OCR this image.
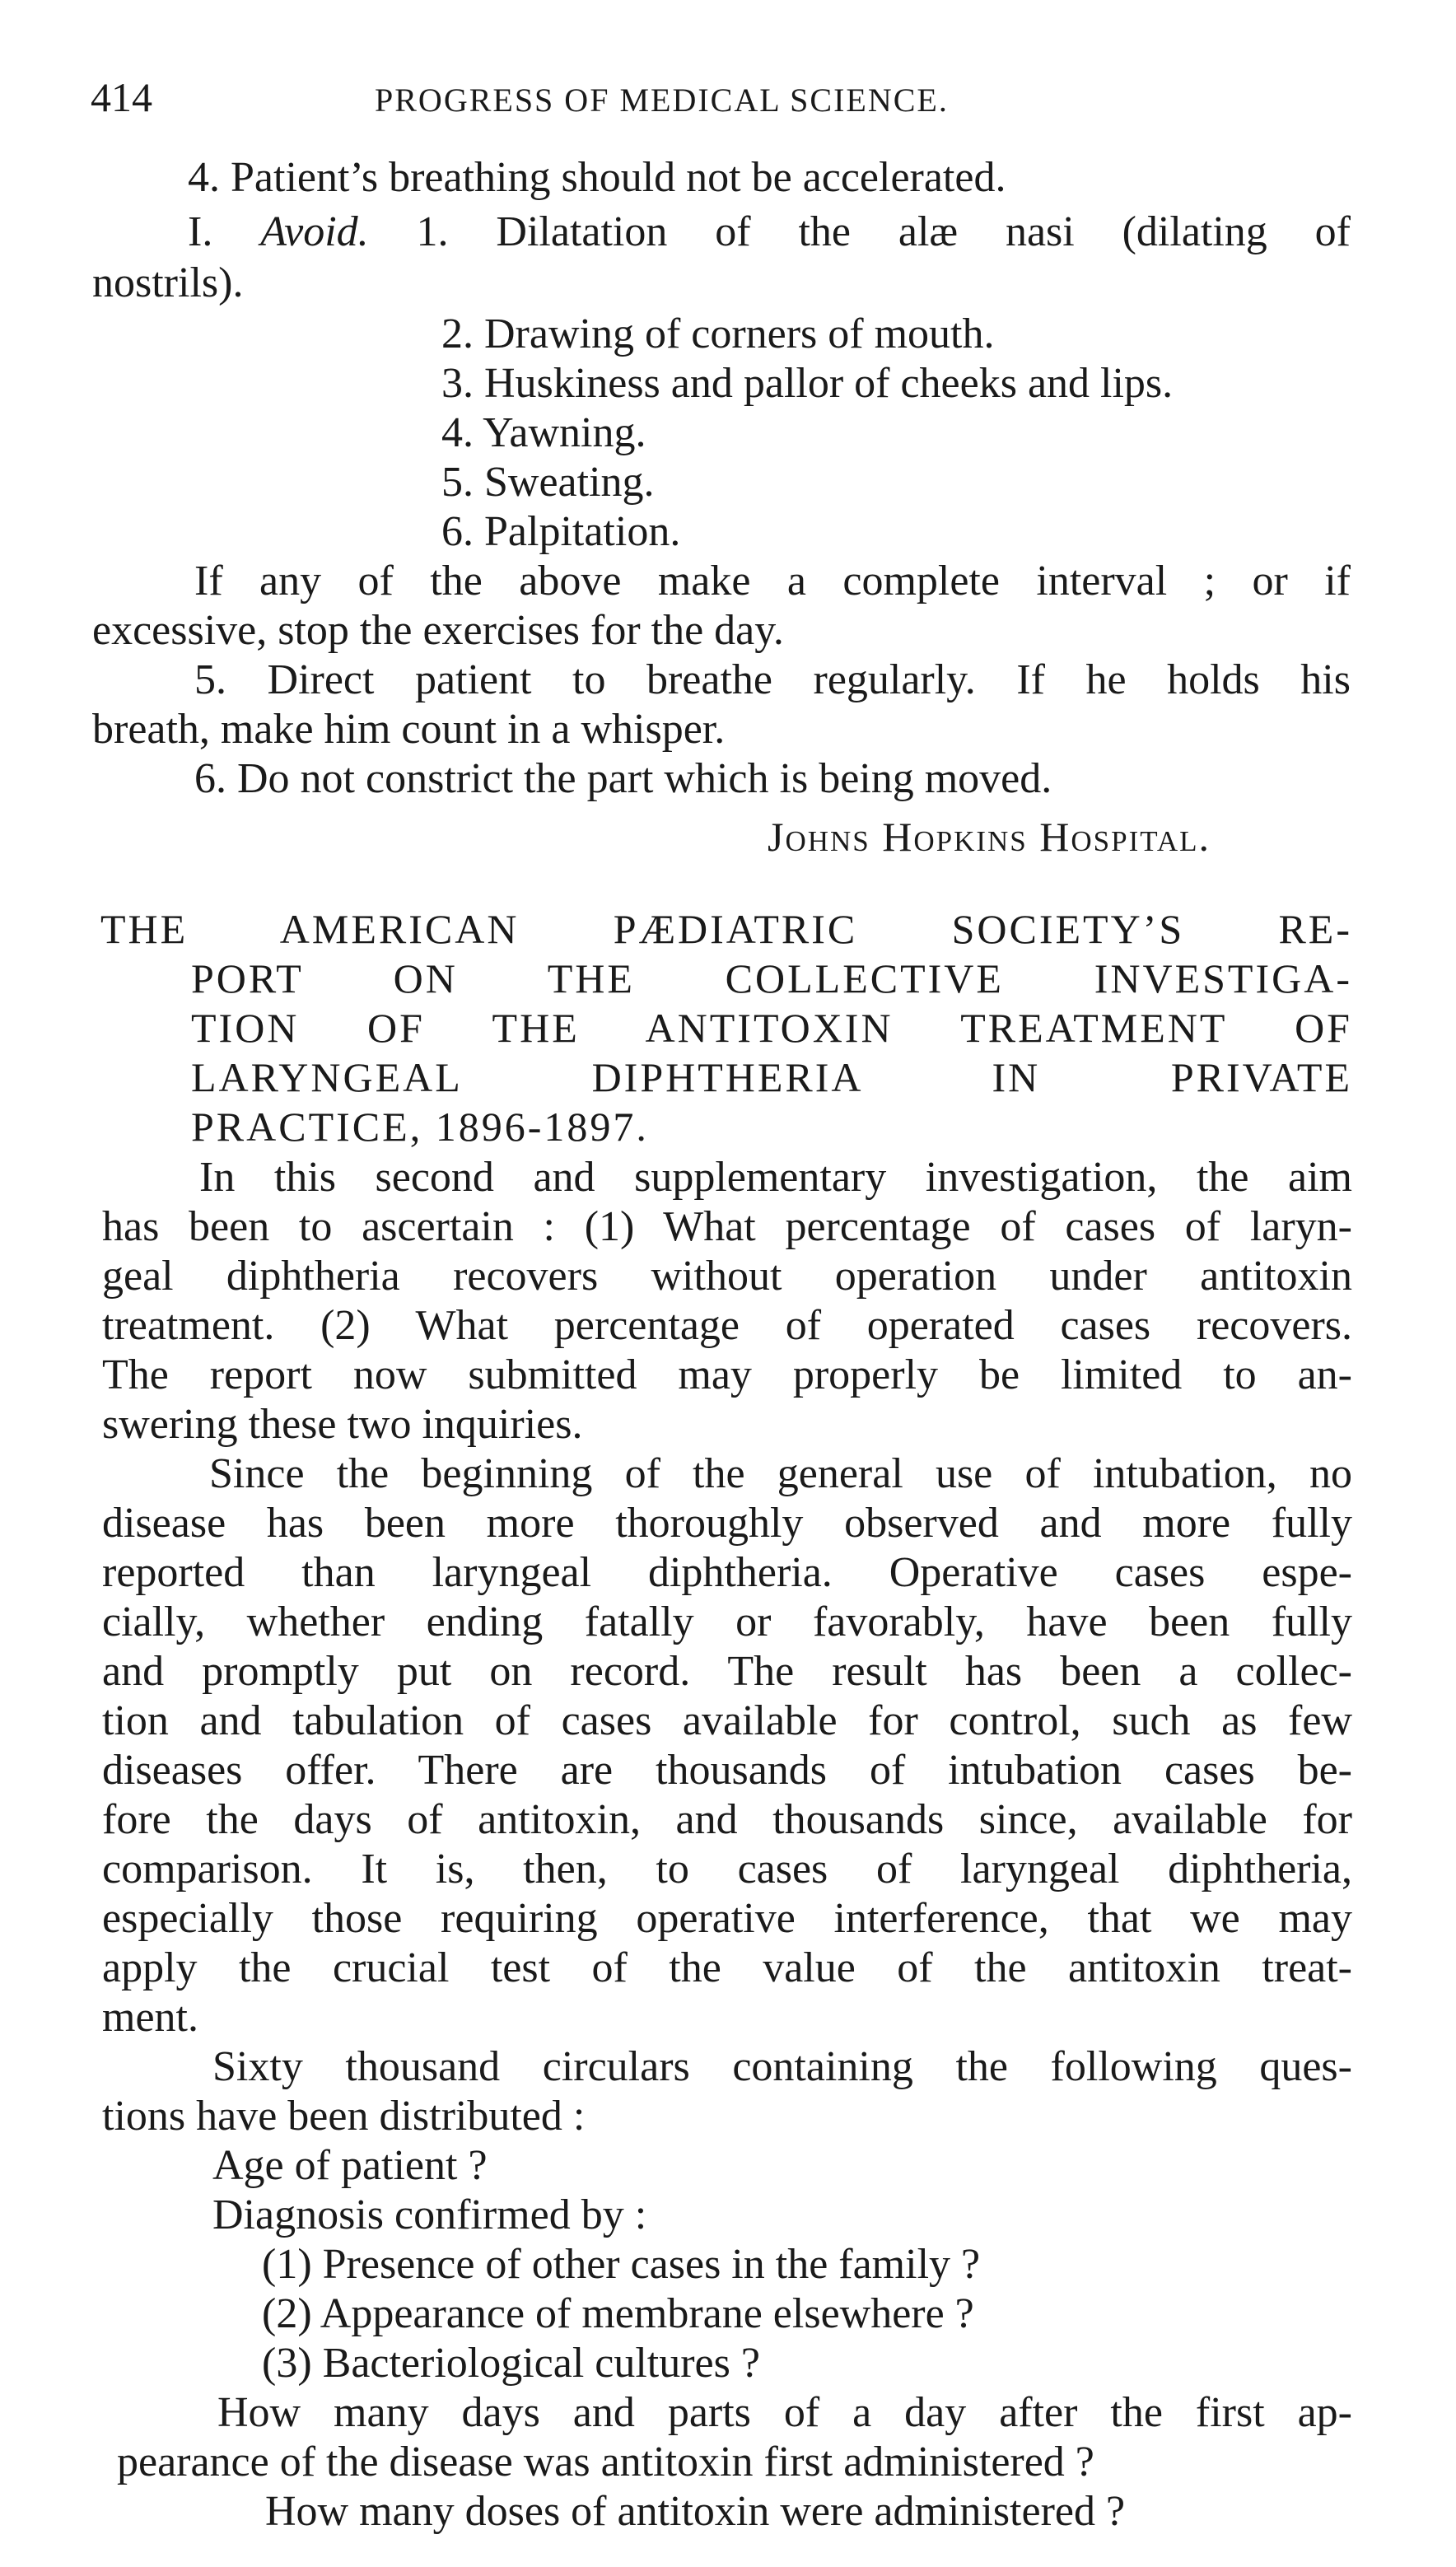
414	PROGRESS OF MEDICAL SCIENCE.
4. Patient’s breathing should not be accelerated.
I. Avoid. 1. Dilatation of the alæ nasi (dilating of
nostrils).
2. Drawing of corners of mouth.
3. Huskiness and pallor of cheeks and lips.
4. Yawning.
5. Sweating.
6. Palpitation.
If any of the above make a complete interval ; or if
excessive, stop the exercises for the day.
5. Direct patient to breathe regularly. If he holds his
breath, make him count in a whisper.
6. Do not constrict the part which is being moved.
Johns Hopkins Hospital.
THE AMERICAN PÆDIATRIC SOCIETY’S RE-
PORT ON THE COLLECTIVE INVESTIGA-
TION OF THE ANTITOXIN TREATMENT OF
LARYNGEAL DIPHTHERIA IN PRIVATE
PRACTICE, 1896-1897.
In this second and supplementary investigation, the aim
has been to ascertain : (1) What percentage of cases of laryn-
geal diphtheria recovers without operation under antitoxin
treatment. (2) What percentage of operated cases recovers.
The report now submitted may properly be limited to an-
swering these two inquiries.
Since the beginning of the general use of intubation, no
disease has been more thoroughly observed and more fully
reported than laryngeal diphtheria. Operative cases espe-
cially, whether ending fatally or favorably, have been fully
and promptly put on record. The result has been a collec-
tion and tabulation of cases available for control, such as few
diseases offer. There are thousands of intubation cases be-
fore the days of antitoxin, and thousands since, available for
comparison. It is, then, to cases of laryngeal diphtheria,
especially those requiring operative interference, that we may
apply the crucial test of the value of the antitoxin treat-
ment.
Sixty thousand circulars containing the following ques-
tions have been distributed :
Age of patient ?
Diagnosis confirmed by :
(1) Presence of other cases in the family ?
(2) Appearance of membrane elsewhere ?
(3) Bacteriological cultures ?
How many days and parts of a day after the first ap-
pearance of the disease was antitoxin first administered ?
How many doses of antitoxin were administered ?
